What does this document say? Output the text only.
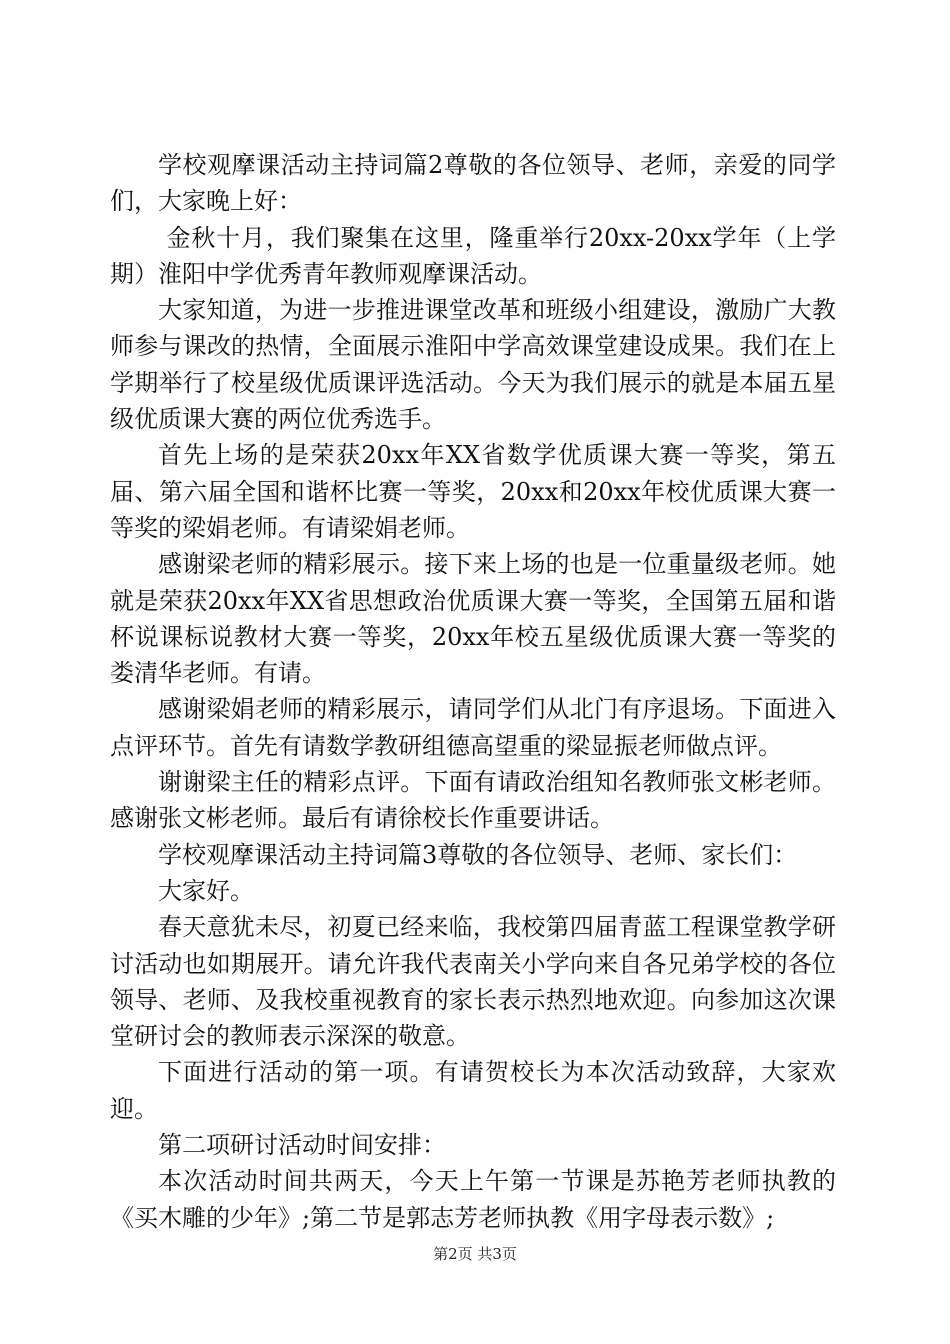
学校观摩课活动主持词篇2尊敬的各位领导、老师，亲爱的同学们，大家晚上好：

金秋十月，我们聚集在这里，隆重举行20xx-20xx学年（上学期）淮阳中学优秀青年教师观摩课活动。

大家知道，为进一步推进课堂改革和班级小组建设，激励广大教师参与课改的热情，全面展示淮阳中学高效课堂建设成果。我们在上学期举行了校星级优质课评选活动。今天为我们展示的就是本届五星级优质课大赛的两位优秀选手。

首先上场的是荣获20xx年XX省数学优质课大赛一等奖，第五届、第六届全国和谐杯比赛一等奖，20xx和20xx年校优质课大赛一等奖的梁娟老师。有请梁娟老师。

感谢梁老师的精彩展示。接下来上场的也是一位重量级老师。她就是荣获20xx年XX省思想政治优质课大赛一等奖，全国第五届和谐杯说课标说教材大赛一等奖，20xx年校五星级优质课大赛一等奖的娄清华老师。有请。

感谢梁娟老师的精彩展示，请同学们从北门有序退场。下面进入点评环节。首先有请数学教研组德高望重的梁显振老师做点评。

谢谢梁主任的精彩点评。下面有请政治组知名教师张文彬老师。感谢张文彬老师。最后有请徐校长作重要讲话。

学校观摩课活动主持词篇3尊敬的各位领导、老师、家长们：

大家好。

春天意犹未尽，初夏已经来临，我校第四届青蓝工程课堂教学研讨活动也如期展开。请允许我代表南关小学向来自各兄弟学校的各位领导、老师、及我校重视教育的家长表示热烈地欢迎。向参加这次课堂研讨会的教师表示深深的敬意。

下面进行活动的第一项。有请贺校长为本次活动致辞，大家欢迎。

第二项研讨活动时间安排：

本次活动时间共两天，今天上午第一节课是苏艳芳老师执教的《买木雕的少年》;第二节是郭志芳老师执教《用字母表示数》;

第2页 共3页
